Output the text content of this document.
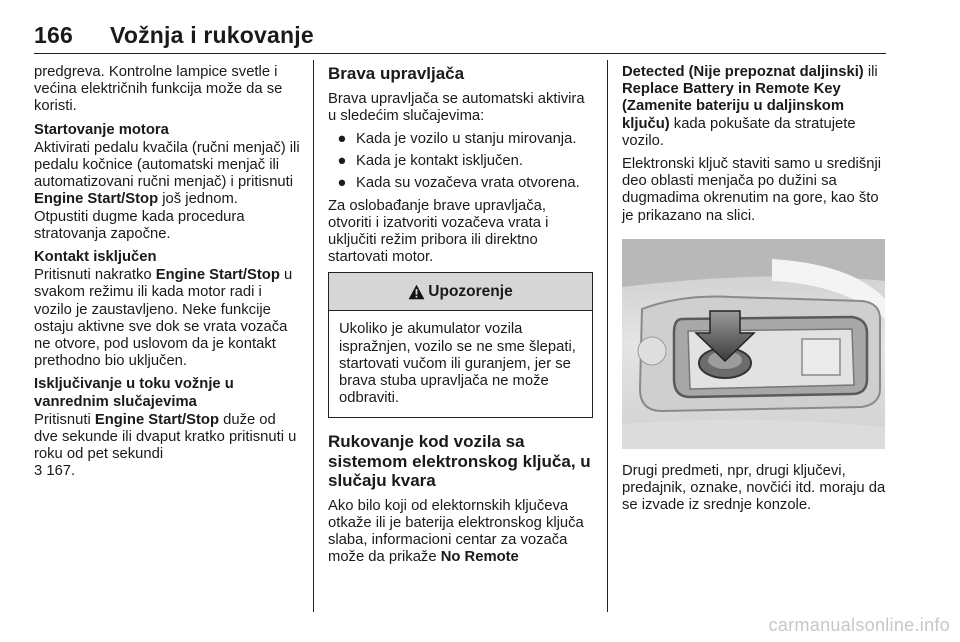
166 Vožnja i rukovanje

predgreva. Kontrolne lampice svetle i većina električnih funkcija može da se koristi.

Startovanje motora

Aktivirati pedalu kvačila (ručni menjač) ili pedalu kočnice (automatski menjač ili automatizovani ručni menjač) i pritisnuti Engine Start/Stop još jednom.
Otpustiti dugme kada procedura stratovanja započne.

Kontakt isključen

Pritisnuti nakratko Engine Start/Stop u svakom režimu ili kada motor radi i vozilo je zaustavljeno. Neke funkcije ostaju aktivne sve dok se vrata vozača ne otvore, pod uslovom da je kontakt prethodno bio uključen.

Isključivanje u toku vožnje u vanrednim slučajevima

Pritisnuti Engine Start/Stop duže od dve sekunde ili dvaput kratko pritisnuti u roku od pet sekundi
3 167.

Brava upravljača

Brava upravljača se automatski aktivira u sledećim slučajevima:

● Kada je vozilo u stanju mirovanja.
● Kada je kontakt isključen.
● Kada su vozačeva vrata otvorena.

Za oslobađanje brave upravljača, otvoriti i izatvoriti vozačeva vrata i uključiti režim pribora ili direktno startovati motor.

Upozorenje

Ukoliko je akumulator vozila ispražnjen, vozilo se ne sme šlepati, startovati vučom ili guranjem, jer se brava stuba upravljača ne može odbraviti.

Rukovanje kod vozila sa sistemom elektronskog ključa, u slučaju kvara

Ako bilo koji od elektornskih ključeva otkaže ili je baterija elektronskog ključa slaba, informacioni centar za vozača može da prikaže No Remote

Detected (Nije prepoznat daljinski) ili Replace Battery in Remote Key (Zamenite bateriju u daljinskom ključu) kada pokušate da stratujete vozilo.

Elektronski ključ staviti samo u središnji deo oblasti menjača po dužini sa dugmadima okrenutim na gore, kao što je prikazano na slici.

Drugi predmeti, npr, drugi ključevi, predajnik, oznake, novčići itd. moraju da se izvade iz srednje konzole.

carmanualsonline.info
